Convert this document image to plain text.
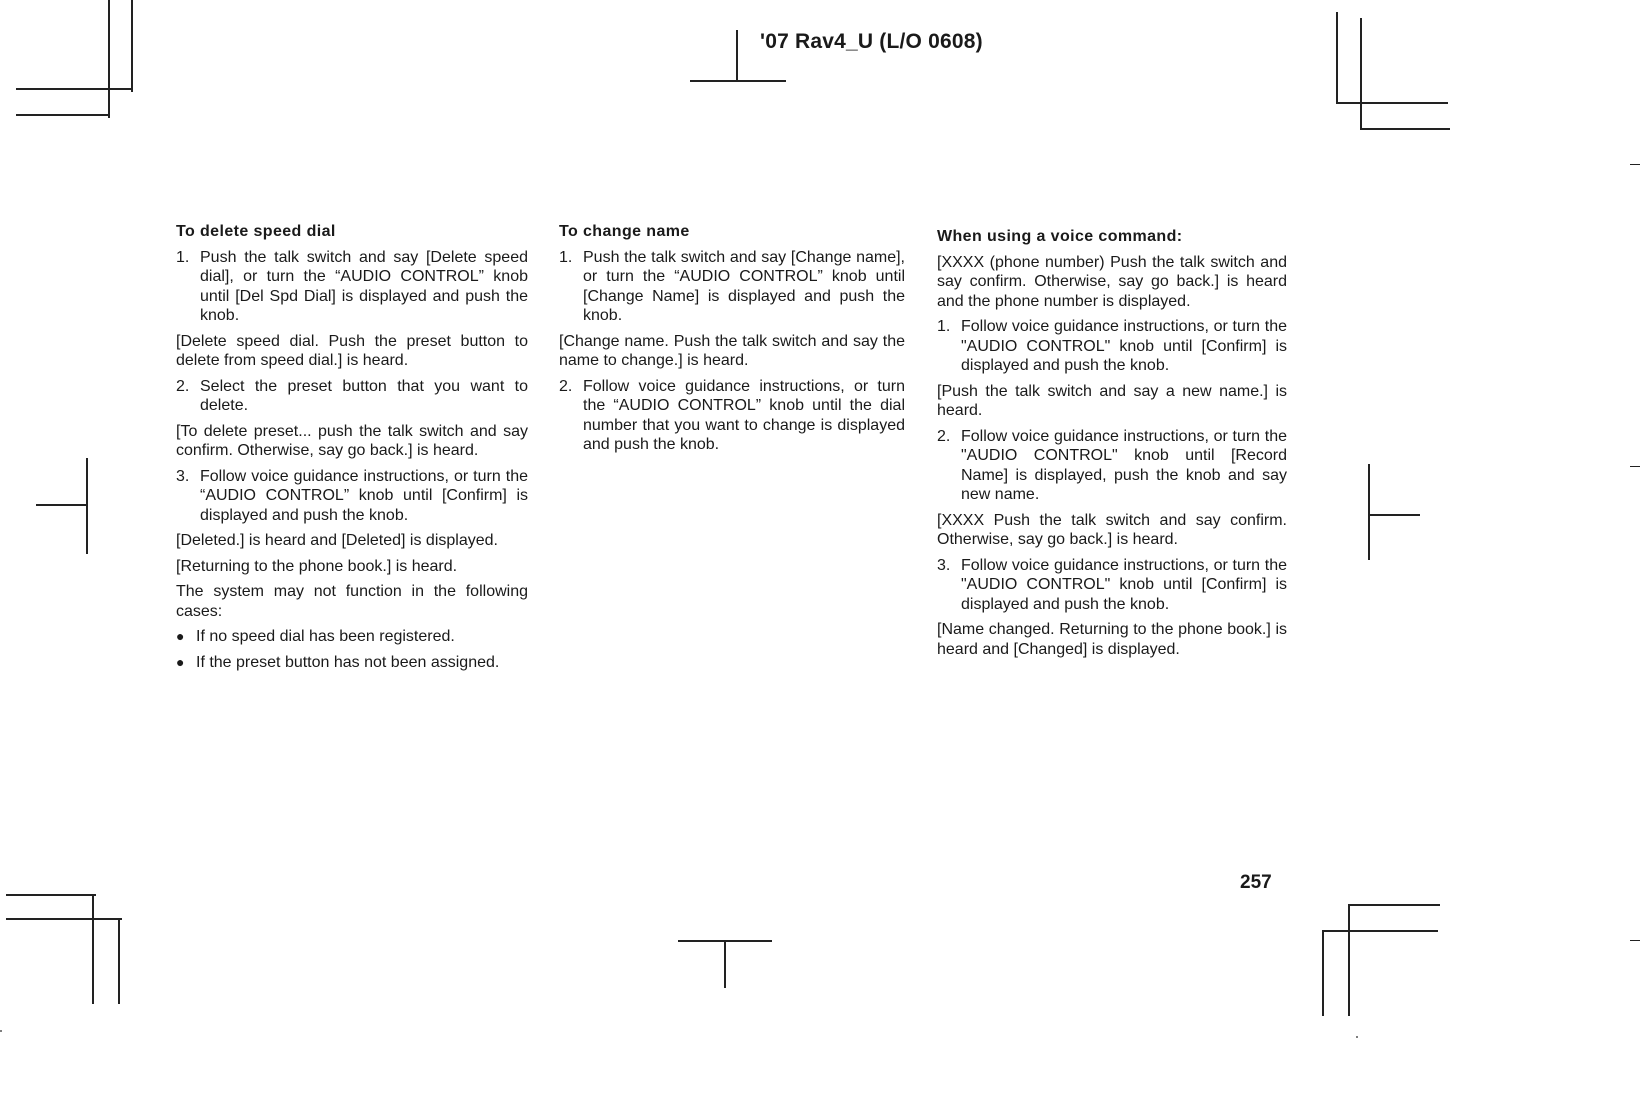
'07 Rav4_U (L/O 0608)
To delete speed dial
1. Push the talk switch and say [Delete speed dial], or turn the “AUDIO CONTROL” knob until [Del Spd Dial] is displayed and push the knob.
[Delete speed dial. Push the preset button to delete from speed dial.] is heard.
2. Select the preset button that you want to delete.
[To delete preset... push the talk switch and say confirm. Otherwise, say go back.] is heard.
3. Follow voice guidance instructions, or turn the “AUDIO CONTROL” knob until [Confirm] is displayed and push the knob.
[Deleted.] is heard and [Deleted] is displayed.
[Returning to the phone book.] is heard.
The system may not function in the following cases:
● If no speed dial has been registered.
● If the preset button has not been assigned.
To change name
1. Push the talk switch and say [Change name], or turn the “AUDIO CONTROL” knob until [Change Name] is displayed and push the knob.
[Change name. Push the talk switch and say the name to change.] is heard.
2. Follow voice guidance instructions, or turn the “AUDIO CONTROL” knob until the dial number that you want to change is displayed and push the knob.
When using a voice command:
[XXXX (phone number) Push the talk switch and say confirm. Otherwise, say go back.] is heard and the phone number is displayed.
1. Follow voice guidance instructions, or turn the "AUDIO CONTROL" knob until [Confirm] is displayed and push the knob.
[Push the talk switch and say a new name.] is heard.
2. Follow voice guidance instructions, or turn the "AUDIO CONTROL" knob until [Record Name] is displayed, push the knob and say new name.
[XXXX Push the talk switch and say confirm. Otherwise, say go back.] is heard.
3. Follow voice guidance instructions, or turn the "AUDIO CONTROL" knob until [Confirm] is displayed and push the knob.
[Name changed. Returning to the phone book.] is heard and [Changed] is displayed.
257
